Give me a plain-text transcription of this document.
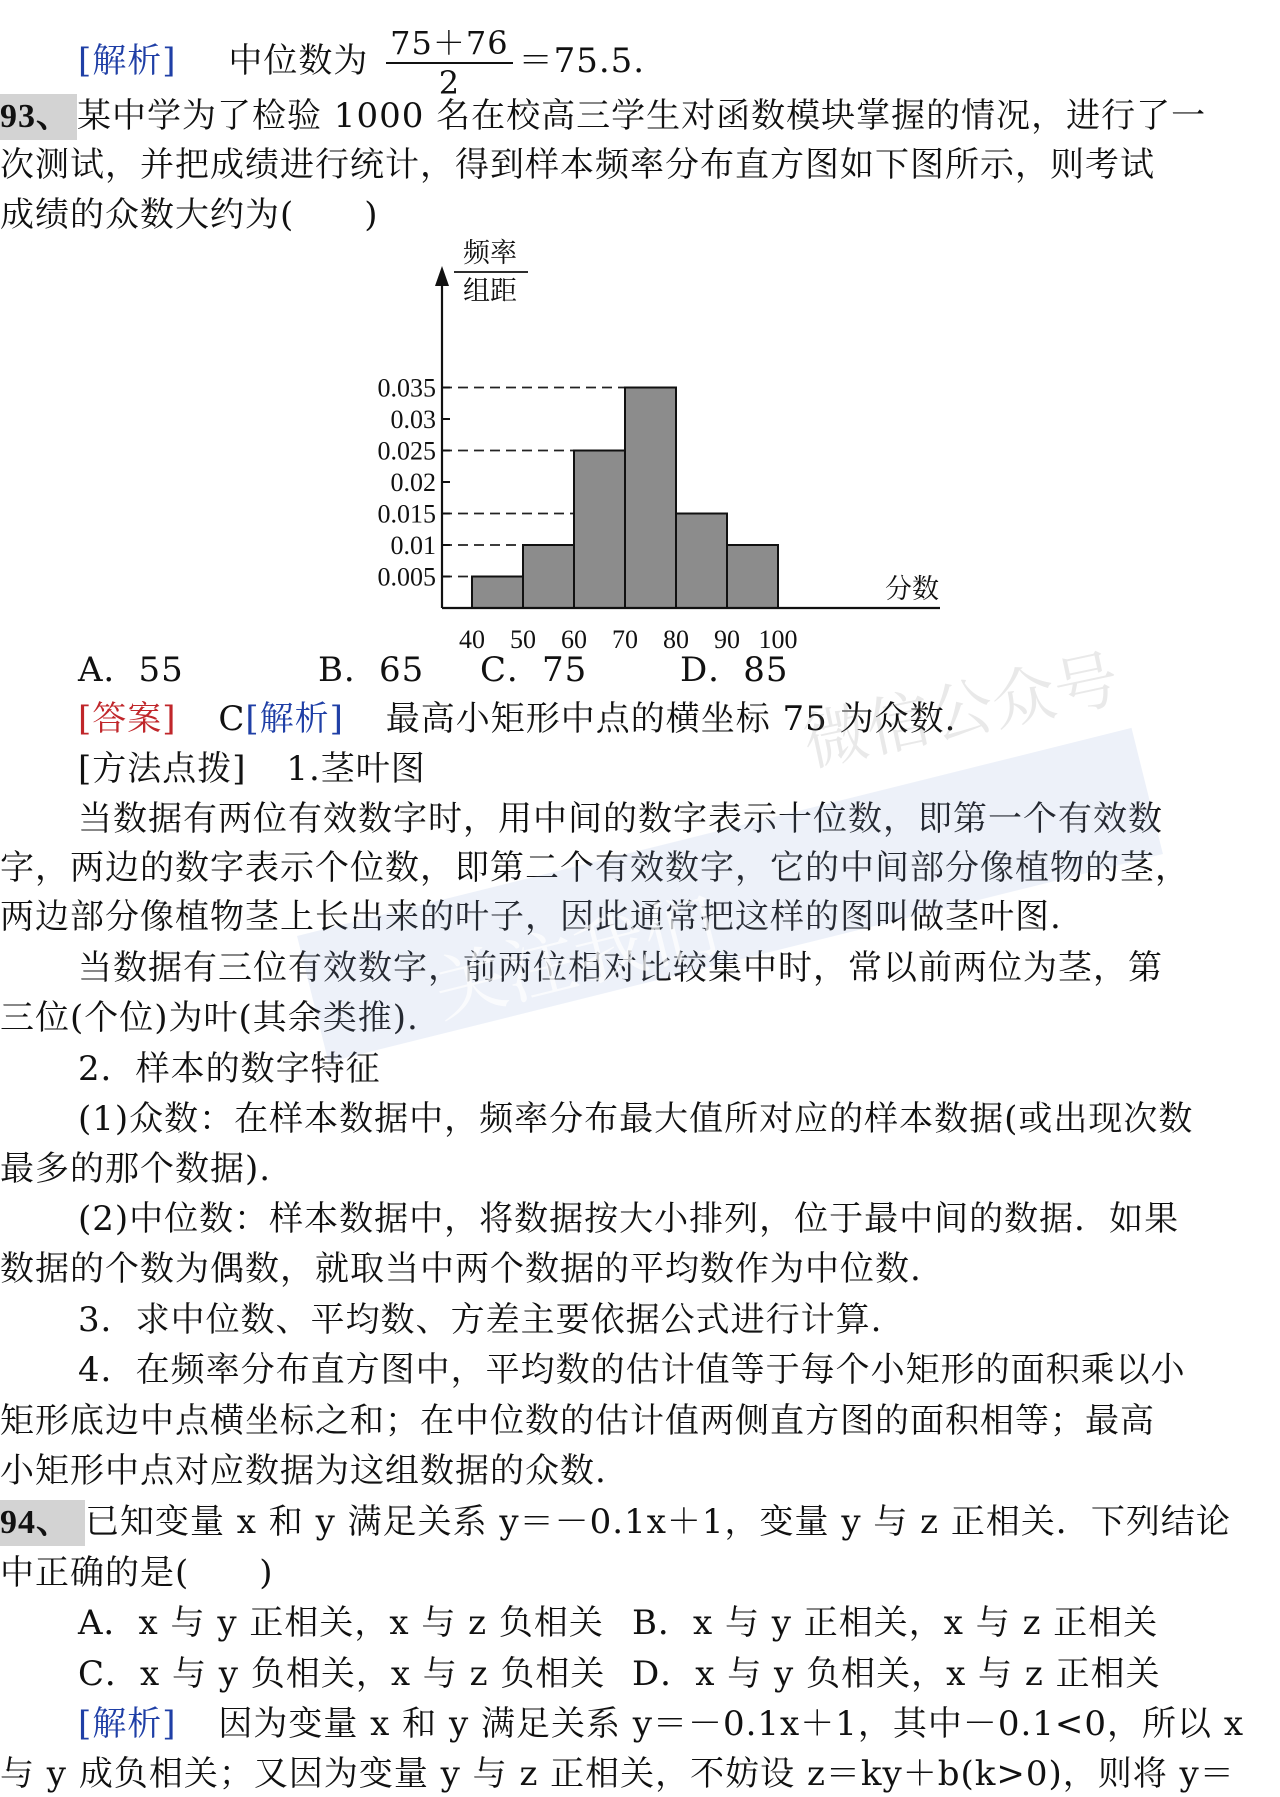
[解析] 中位数为 $\frac{75+76}{2} =75.5$.
93、 某中学为了检验 1000 名在校高三学生对函数模块掌握的情况，进行了一
次测试，并把成绩进行统计，得到样本频率分布直方图如下图所示，则考试
成绩的众数大约为(　　)
0.035
0.03
0.025
0.02
0.015
0.01
0.005
40 50 60 70 80 90 100
频率
组距
分数
A．55	B．65 C．75	D．85
[答案] C[解析] 最高小矩形中点的横坐标 75 为众数.
[方法点拨] 1.茎叶图
当数据有两位有效数字时，用中间的数字表示十位数，即第一个有效数
字，两边的数字表示个位数，即第二个有效数字，它的中间部分像植物的茎，
两边部分像植物茎上长出来的叶子，因此通常把这样的图叫做茎叶图.
当数据有三位有效数字，前两位相对比较集中时，常以前两位为茎，第
三位(个位)为叶(其余类推).
2．样本的数字特征
(1)众数：在样本数据中，频率分布最大值所对应的样本数据(或出现次数
最多的那个数据).
(2)中位数：样本数据中，将数据按大小排列，位于最中间的数据．如果
数据的个数为偶数，就取当中两个数据的平均数作为中位数.
3．求中位数、平均数、方差主要依据公式进行计算.
4．在频率分布直方图中，平均数的估计值等于每个小矩形的面积乘以小
矩形底边中点横坐标之和；在中位数的估计值两侧直方图的面积相等；最高
小矩形中点对应数据为这组数据的众数.
94、 已知变量 x 和 y 满足关系 y＝－0.1x＋1，变量 y 与 z 正相关．下列结论
中正确的是(　　)
A．x 与 y 正相关，x 与 z 负相关 B．x 与 y 正相关，x 与 z 正相关
C．x 与 y 负相关，x 与 z 负相关 D．x 与 y 负相关，x 与 z 正相关
[解析] 因为变量 x 和 y 满足关系 y＝－0.1x＋1，其中－0.1<0，所以 x
与 y 成负相关；又因为变量 y 与 z 正相关，不妨设 z＝ky＋b(k>0)，则将 y＝
微信公众号
关注我们
